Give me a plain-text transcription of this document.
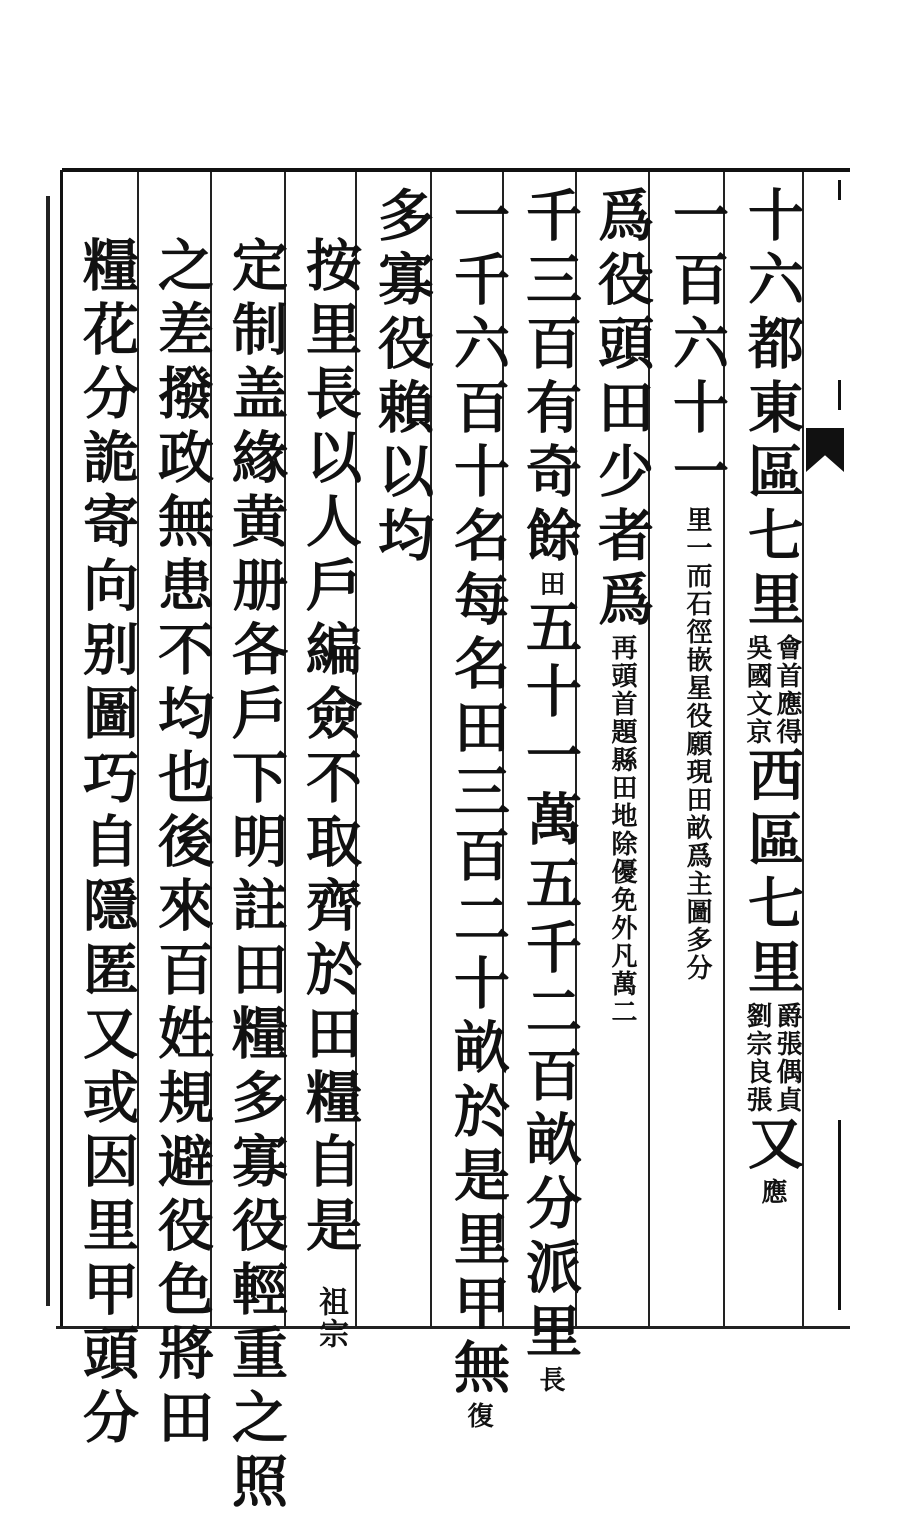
十六都東區七里
吳國文京 會首應得
西區七里
劉宗良張 爵張偶貞
又
應
一百六十一
里一而石徑嵌星役願現田畝爲主圖多分
爲役頭田少者爲
再頭首題縣田地除優免外凡萬二
千三百有奇餘
田
五十一萬五千二百畝分派里
長
一千六百十名每名田三百二十畝於是里甲無
復
多寡役賴以均
按里長以人戶編僉不取齊於田糧自是
祖宗
定制盖緣黄册各戶下明註田糧多寡役輕重之照
之差撥政無患不均也後來百姓規避役色將田
糧花分詭寄向别圖巧自隱匿又或因里甲頭分
